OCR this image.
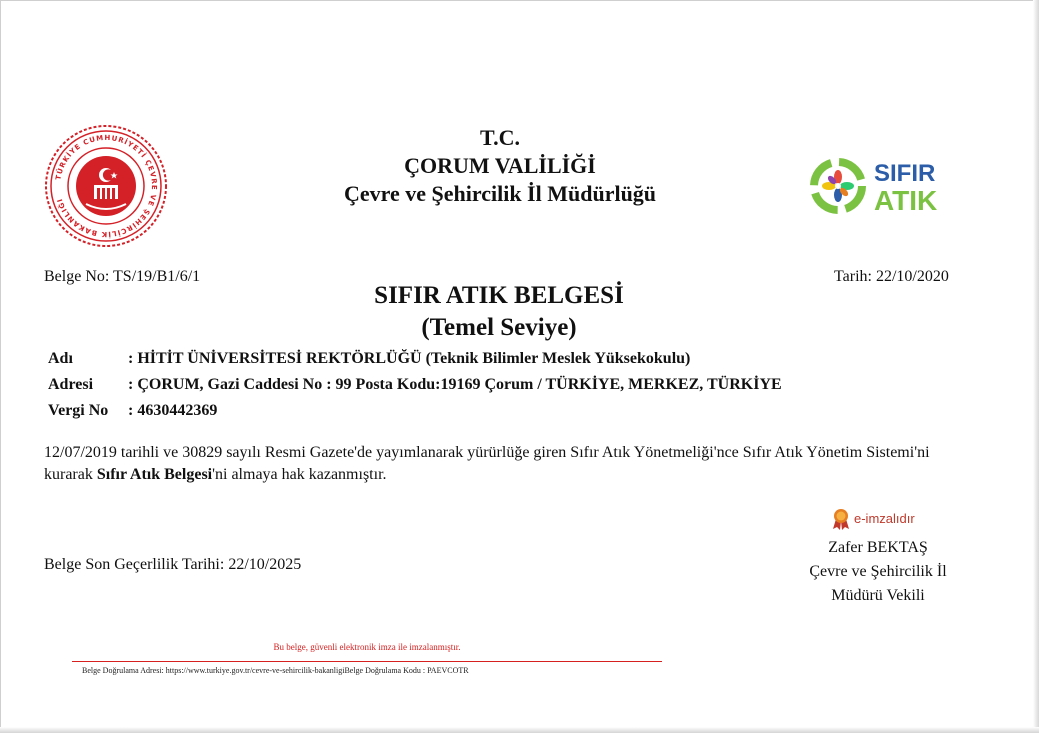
TÜRKİYE CUMHURİYETİ ÇEVRE VE ŞEHİRCİLİK BAKANLIĞI
T.C.
ÇORUM VALİLİĞİ
Çevre ve Şehircilik İl Müdürlüğü
SIFIR
ATIK
Belge No: TS/19/B1/6/1	Tarih: 22/10/2020
SIFIR ATIK BELGESİ
(Temel Seviye)
Adı	: HİTİT ÜNİVERSİTESİ REKTÖRLÜĞÜ (Teknik Bilimler Meslek Yüksekokulu)
Adresi : ÇORUM, Gazi Caddesi No : 99 Posta Kodu:19169 Çorum / TÜRKİYE, MERKEZ, TÜRKİYE
Vergi No : 4630442369
12/07/2019 tarihli ve 30829 sayılı Resmi Gazete'de yayımlanarak yürürlüğe giren Sıfır Atık Yönetmeliği'nce Sıfır Atık Yönetim Sistemi'ni kurarak Sıfır Atık Belgesi'ni almaya hak kazanmıştır.
Belge Son Geçerlilik Tarihi: 22/10/2025
e-imzalıdır
Zafer BEKTAŞ
Çevre ve Şehircilik İl
Müdürü Vekili
Bu belge, güvenli elektronik imza ile imzalanmıştır.
Belge Doğrulama Adresi: https://www.turkiye.gov.tr/cevre-ve-sehircilik-bakanligiBelge Doğrulama Kodu : PAEVCOTR
